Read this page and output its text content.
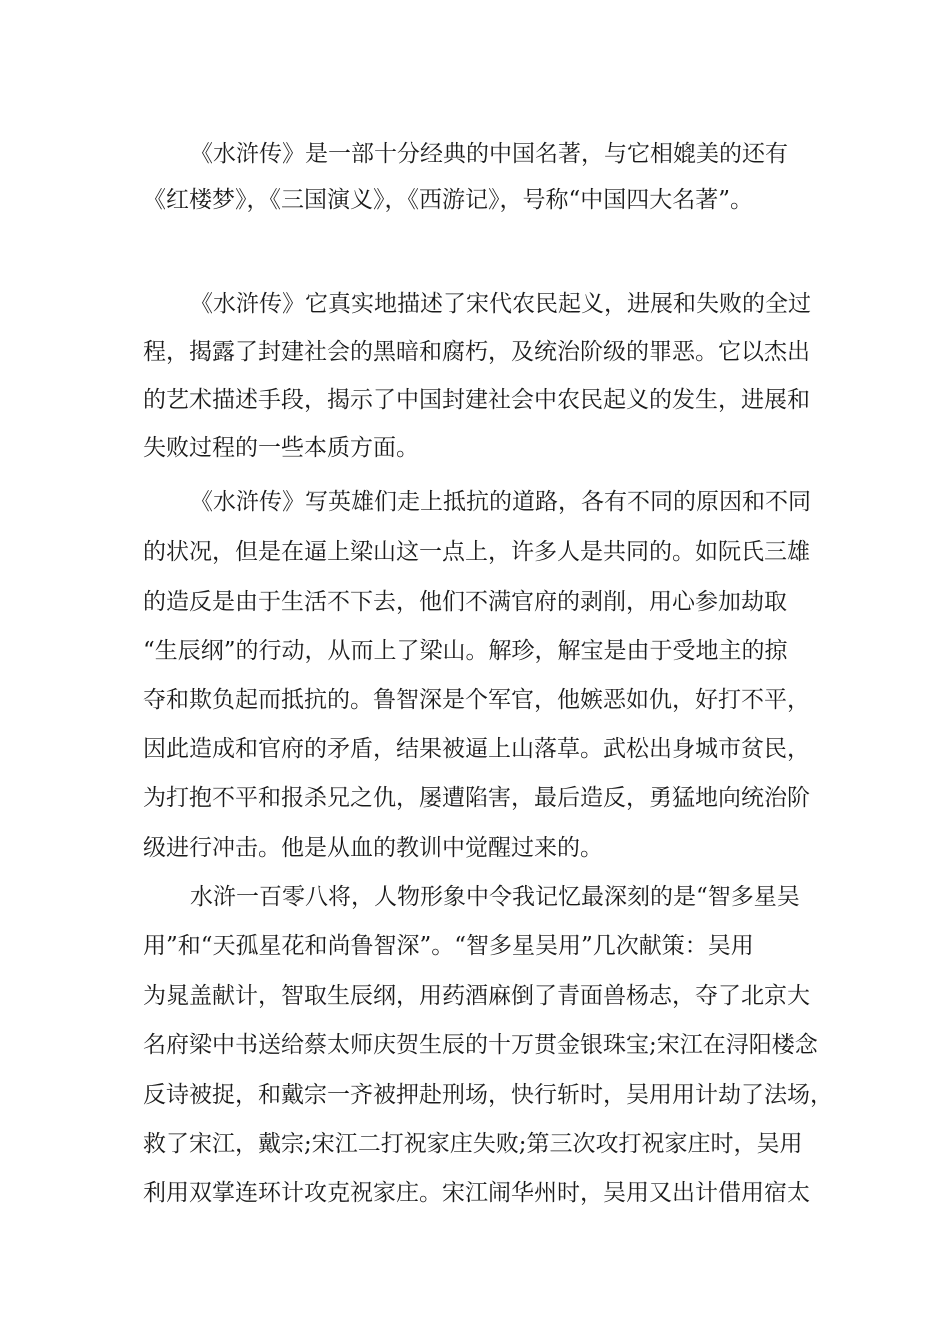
《水浒传》是一部十分经典的中国名著，与它相媲美的还有

《红楼梦》，《三国演义》，《西游记》，号称“中国四大名著”。

《水浒传》它真实地描述了宋代农民起义，进展和失败的全过

程，揭露了封建社会的黑暗和腐朽，及统治阶级的罪恶。它以杰出

的艺术描述手段，揭示了中国封建社会中农民起义的发生，进展和

失败过程的一些本质方面。

《水浒传》写英雄们走上抵抗的道路，各有不同的原因和不同

的状况，但是在逼上梁山这一点上，许多人是共同的。如阮氏三雄

的造反是由于生活不下去，他们不满官府的剥削，用心参加劫取

“生辰纲”的行动，从而上了梁山。解珍，解宝是由于受地主的掠

夺和欺负起而抵抗的。鲁智深是个军官，他嫉恶如仇，好打不平，

因此造成和官府的矛盾，结果被逼上山落草。武松出身城市贫民，

为打抱不平和报杀兄之仇，屡遭陷害，最后造反，勇猛地向统治阶

级进行冲击。他是从血的教训中觉醒过来的。

水浒一百零八将，人物形象中令我记忆最深刻的是“智多星吴

用”和“天孤星花和尚鲁智深”。“智多星吴用”几次献策：吴用

为晁盖献计，智取生辰纲，用药酒麻倒了青面兽杨志，夺了北京大

名府梁中书送给蔡太师庆贺生辰的十万贯金银珠宝;宋江在浔阳楼念

反诗被捉，和戴宗一齐被押赴刑场，快行斩时，吴用用计劫了法场，

救了宋江，戴宗;宋江二打祝家庄失败;第三次攻打祝家庄时，吴用

利用双掌连环计攻克祝家庄。宋江闹华州时，吴用又出计借用宿太
